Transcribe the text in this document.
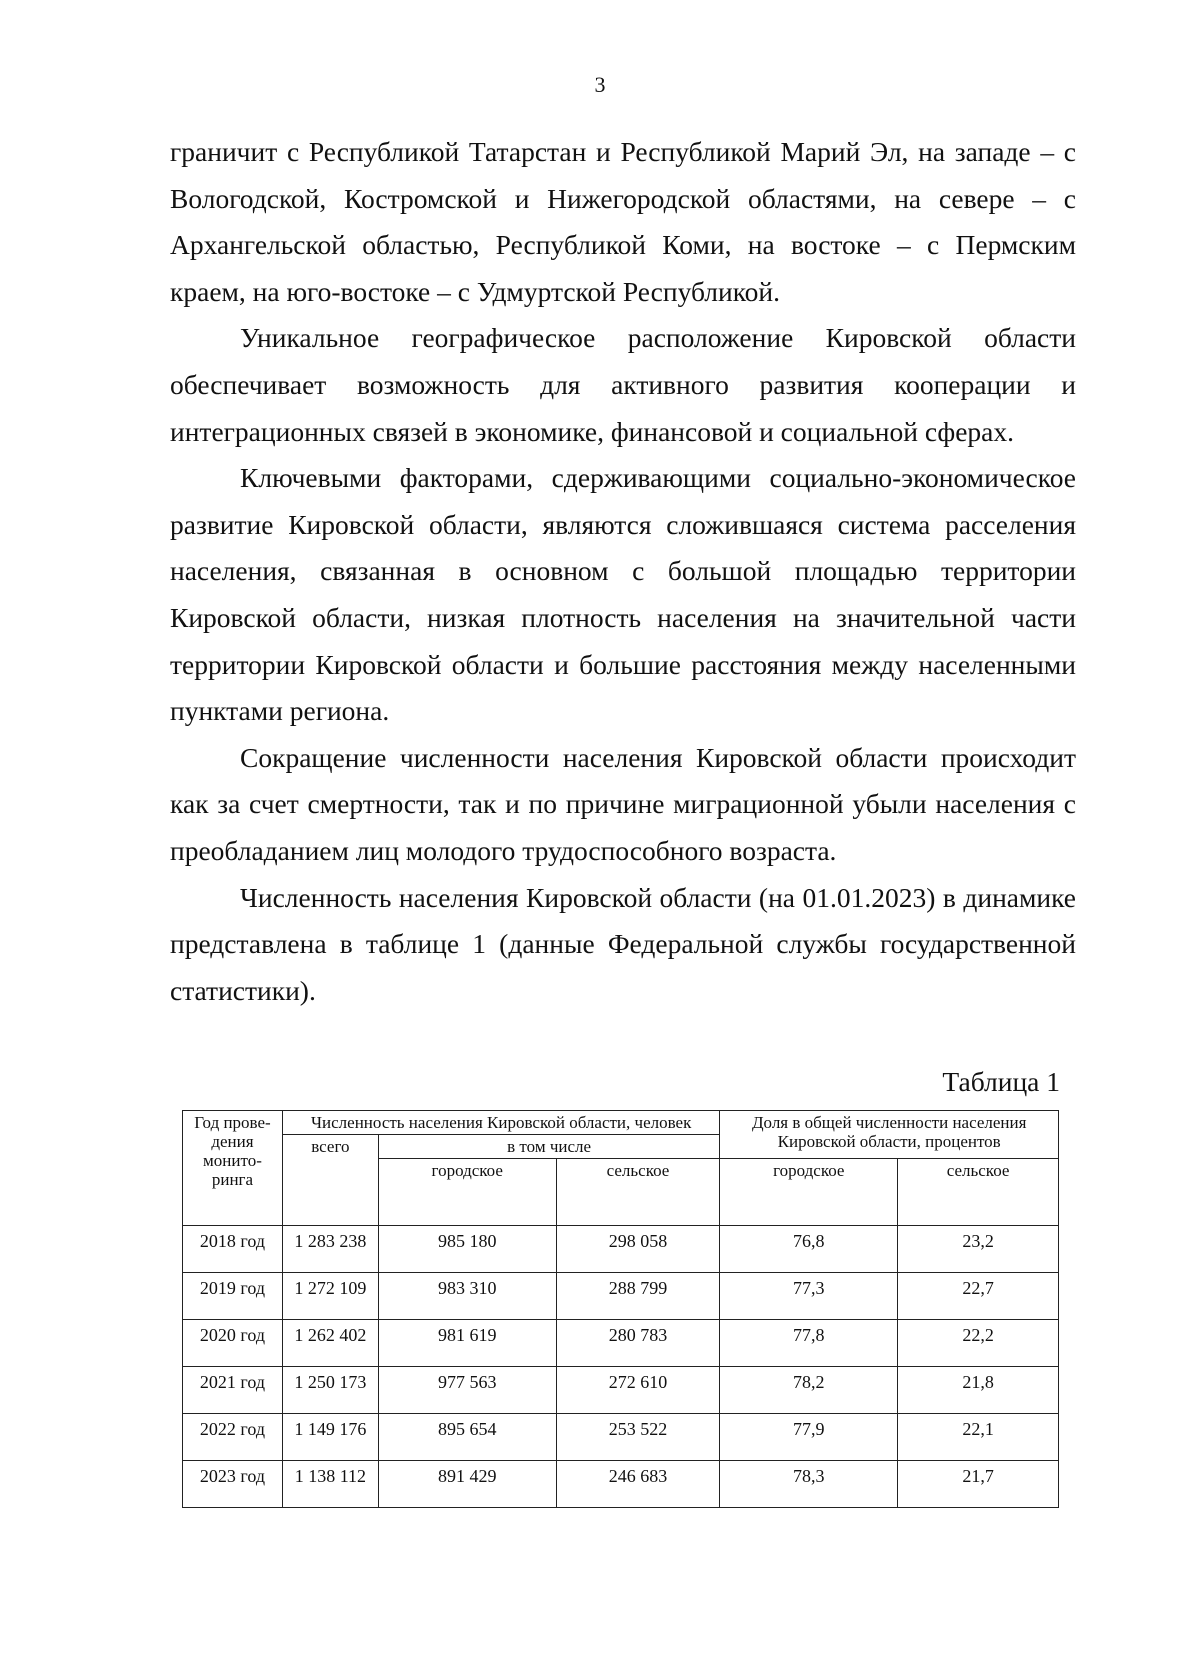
3

граничит с Республикой Татарстан и Республикой Марий Эл, на западе – с Вологодской, Костромской и Нижегородской областями, на севере – с Архангельской областью, Республикой Коми, на востоке – с Пермским краем, на юго-востоке – с Удмуртской Республикой.

Уникальное географическое расположение Кировской области обеспечивает возможность для активного развития кооперации и интеграционных связей в экономике, финансовой и социальной сферах.

Ключевыми факторами, сдерживающими социально-экономическое развитие Кировской области, являются сложившаяся система расселения населения, связанная в основном с большой площадью территории Кировской области, низкая плотность населения на значительной части территории Кировской области и большие расстояния между населенными пунктами региона.

Сокращение численности населения Кировской области происходит как за счет смертности, так и по причине миграционной убыли населения с преобладанием лиц молодого трудоспособного возраста.

Численность населения Кировской области (на 01.01.2023) в динамике представлена в таблице 1 (данные Федеральной службы государственной статистики).

Таблица 1
Год прове- дения монито- ринга	Численность населения Кировской области, человек			Доля в общей численности населения Кировской области, процентов	
	всего	в том числе			
		городское	сельское	городское	сельское
2018 год	1 283 238	985 180	298 058	76,8	23,2
2019 год	1 272 109	983 310	288 799	77,3	22,7
2020 год	1 262 402	981 619	280 783	77,8	22,2
2021 год	1 250 173	977 563	272 610	78,2	21,8
2022 год	1 149 176	895 654	253 522	77,9	22,1
2023 год	1 138 112	891 429	246 683	78,3	21,7
